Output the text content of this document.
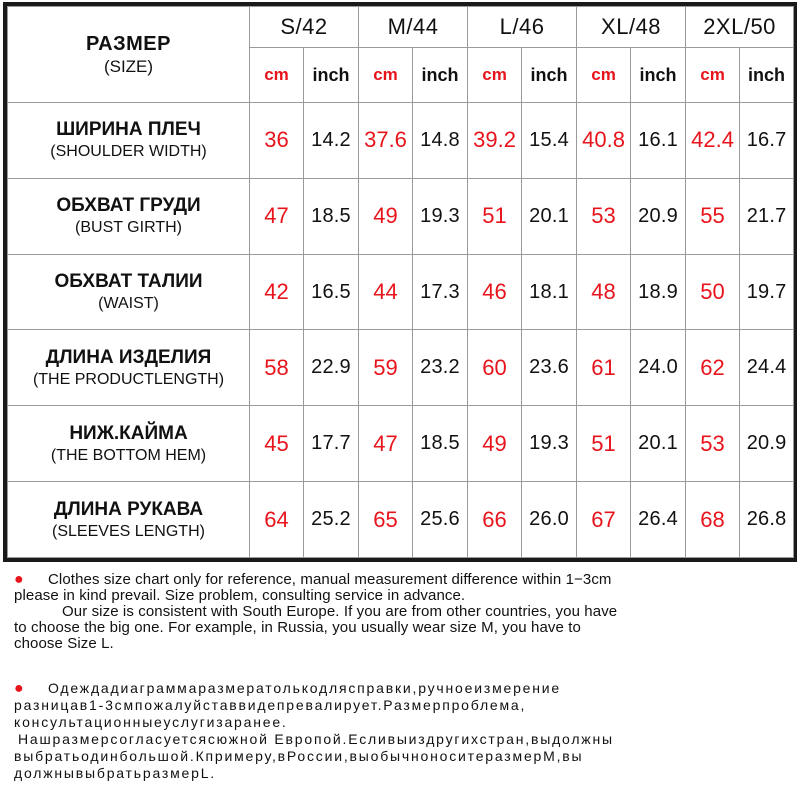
РАЗМЕР
(SIZE)	S/42		M/44		L/46		XL/48		2XL/50	
	cm	inch	cm	inch	cm	inch	cm	inch	cm	inch

ШИРИНА ПЛЕЧ
(SHOULDER WIDTH)	36	14.2	37.6	14.8	39.2	15.4	40.8	16.1	42.4	16.7

ОБХВАТ ГРУДИ
(BUST GIRTH)	47	18.5	49	19.3	51	20.1	53	20.9	55	21.7

ОБХВАТ ТАЛИИ
(WAIST)	42	16.5	44	17.3	46	18.1	48	18.9	50	19.7

ДЛИНА ИЗДЕЛИЯ
(THE PRODUCTLENGTH)	58	22.9	59	23.2	60	23.6	61	24.0	62	24.4

НИЖ.КАЙМА
(THE BOTTOM HEM)	45	17.7	47	18.5	49	19.3	51	20.1	53	20.9

ДЛИНА РУКАВА
(SLEEVES LENGTH)	64	25.2	65	25.6	66	26.0	67	26.4	68	26.8

● Clothes size chart only for reference, manual measurement difference within 1−3cm

please in kind prevail. Size problem, consulting service in advance.

Our size is consistent with South Europe. If you are from other countries, you have

to choose the big one. For example, in Russia, you usually wear size M, you have to

choose Size L.

● Одеждадиаграммаразмератолькодляcправки,ручноеизмерение

разницав1-3cмпожалуйставвидепревалирует.Размерпроблема,

консультационныеуслугизаранее.

Нашразмерсогласуетсясюжной Европой.Есливыиздругихстран,выдолжны

выбратьодинбольшой.Кпримеру,вРоссии,выобычноноситеразмерM,вы

должнывыбратьразмерL.
